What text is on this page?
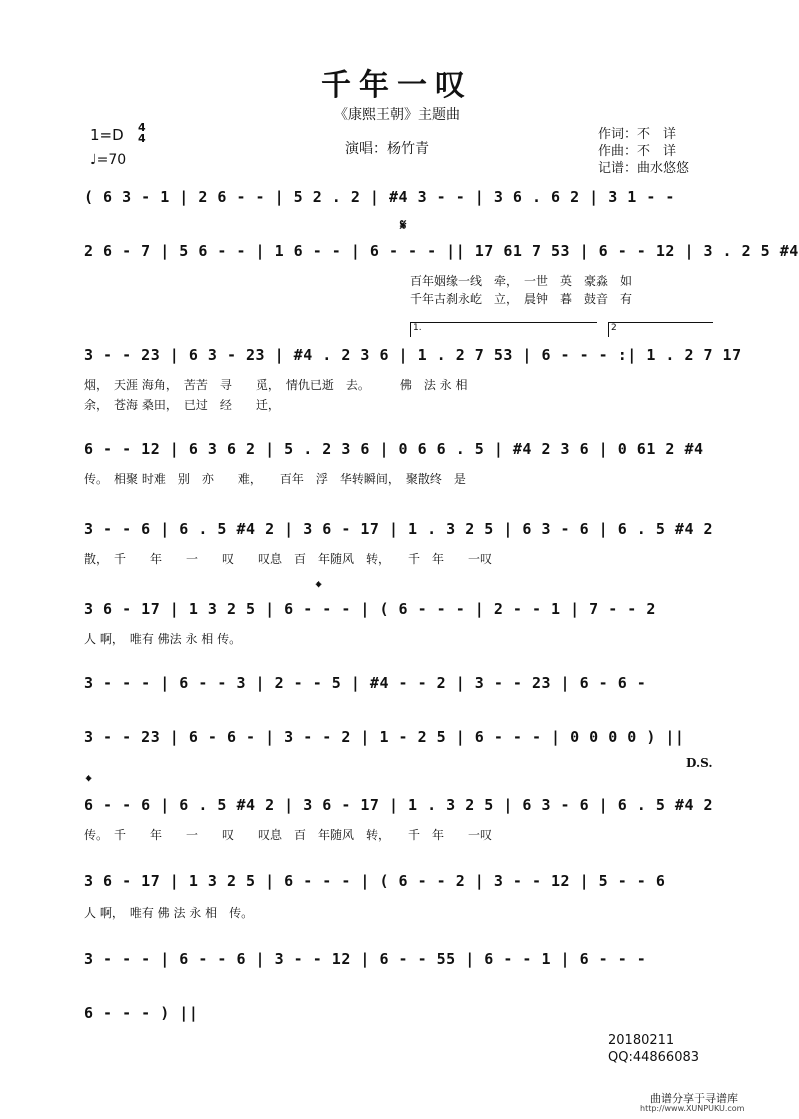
千年一叹
《康熙王朝》主题曲
1=D 4
4
♩=70
演唱：杨竹青
作词：不　详
作曲：不　详
记谱：曲水悠悠
( 6 3 - 1 | 2 6 - - | 5 2 . 2 | #4 3 - - | 3 6 . 6 2 | 3 1 - -
𝄋
2 6 - 7 | 5 6 - - | 1 6 - - | 6 - - - || 17 61 7 53 | 6 - - 12 | 3 . 2 5 #4
百年姻缘一线　牵，　一世　英　豪淼　如
千年古刹永屹　立，　晨钟　暮　鼓音　有
1.	2
3 - - 23 | 6 3 - 23 | #4 . 2 3 6 | 1 . 2 7 53 | 6 - - - :| 1 . 2 7 17
烟，　天涯 海角，　苦苦　寻　　觅，　情仇已逝　去。　　　佛　法 永 相
余，　苍海 桑田，　已过　经　　迁，
6 - - 12 | 6 3 6 2 | 5 . 2 3 6 | 0 6 6 . 5 | #4 2 3 6 | 0 61 2 #4
传。　相聚 时难　别　亦　　难，　　百年　浮　华转瞬间，　聚散终　是
3 - - 6 | 6 . 5 #4 2 | 3 6 - 17 | 1 . 3 2 5 | 6 3 - 6 | 6 . 5 #4 2
散，　千　　年　　一　　叹　　叹息　百　年随风　转，　　千　年　　一叹
𝄌
3 6 - 17 | 1 3 2 5 | 6 - - - | ( 6 - - - | 2 - - 1 | 7 - - 2
人 啊，　唯有 佛法 永 相 传。
3 - - - | 6 - - 3 | 2 - - 5 | #4 - - 2 | 3 - - 23 | 6 - 6 -
3 - - 23 | 6 - 6 - | 3 - - 2 | 1 - 2 5 | 6 - - - | 0 0 0 0 ) ||
D.S.
𝄌
6 - - 6 | 6 . 5 #4 2 | 3 6 - 17 | 1 . 3 2 5 | 6 3 - 6 | 6 . 5 #4 2
传。　千　　年　　一　　叹　　叹息　百　年随风　转，　　千　年　　一叹
3 6 - 17 | 1 3 2 5 | 6 - - - | ( 6 - - 2 | 3 - - 12 | 5 - - 6
人 啊，　唯有 佛 法 永 相　传。
3 - - - | 6 - - 6 | 3 - - 12 | 6 - - 55 | 6 - - 1 | 6 - - -
6 - - - ) ||
20180211
QQ:44866083
曲谱分享于寻谱库
http://www.XUNPUKU.com
